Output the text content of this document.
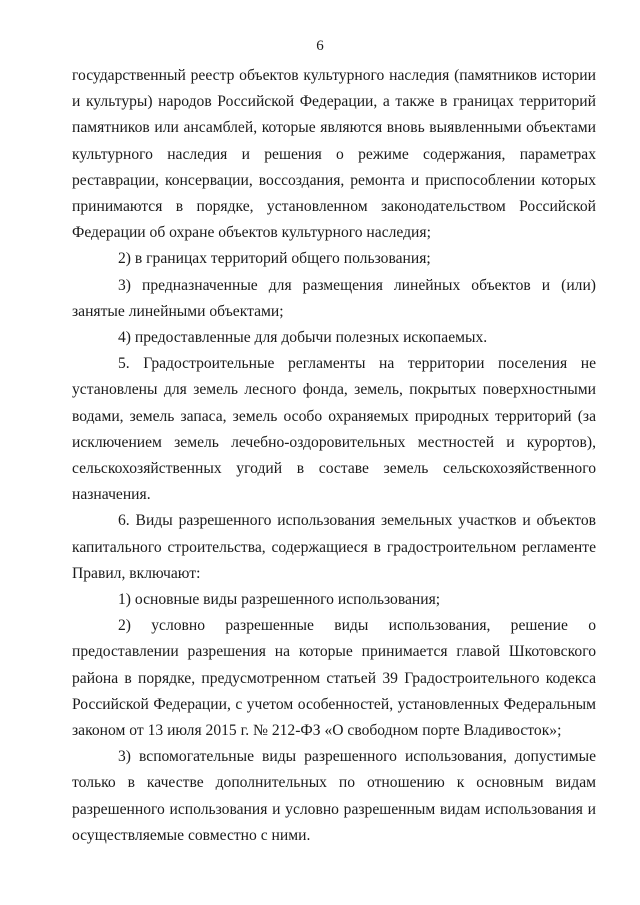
6

государственный реестр объектов культурного наследия (памятников истории и культуры) народов Российской Федерации, а также в границах территорий памятников или ансамблей, которые являются вновь выявленными объектами культурного наследия и решения о режиме содержания, параметрах реставрации, консервации, воссоздания, ремонта и приспособлении которых принимаются в порядке, установленном законодательством Российской Федерации об охране объектов культурного наследия;

2) в границах территорий общего пользования;

3) предназначенные для размещения линейных объектов и (или) занятые линейными объектами;

4) предоставленные для добычи полезных ископаемых.

5. Градостроительные регламенты на территории поселения не установлены для земель лесного фонда, земель, покрытых поверхностными водами, земель запаса, земель особо охраняемых природных территорий (за исключением земель лечебно-оздоровительных местностей и курортов), сельскохозяйственных угодий в составе земель сельскохозяйственного назначения.

6. Виды разрешенного использования земельных участков и объектов капитального строительства, содержащиеся в градостроительном регламенте Правил, включают:

1) основные виды разрешенного использования;

2) условно разрешенные виды использования, решение о предоставлении разрешения на которые принимается главой Шкотовского района в порядке, предусмотренном статьей 39 Градостроительного кодекса Российской Федерации, с учетом особенностей, установленных Федеральным законом от 13 июля 2015 г. № 212-ФЗ «О свободном порте Владивосток»;

3) вспомогательные виды разрешенного использования, допустимые только в качестве дополнительных по отношению к основным видам разрешенного использования и условно разрешенным видам использования и осуществляемые совместно с ними.
